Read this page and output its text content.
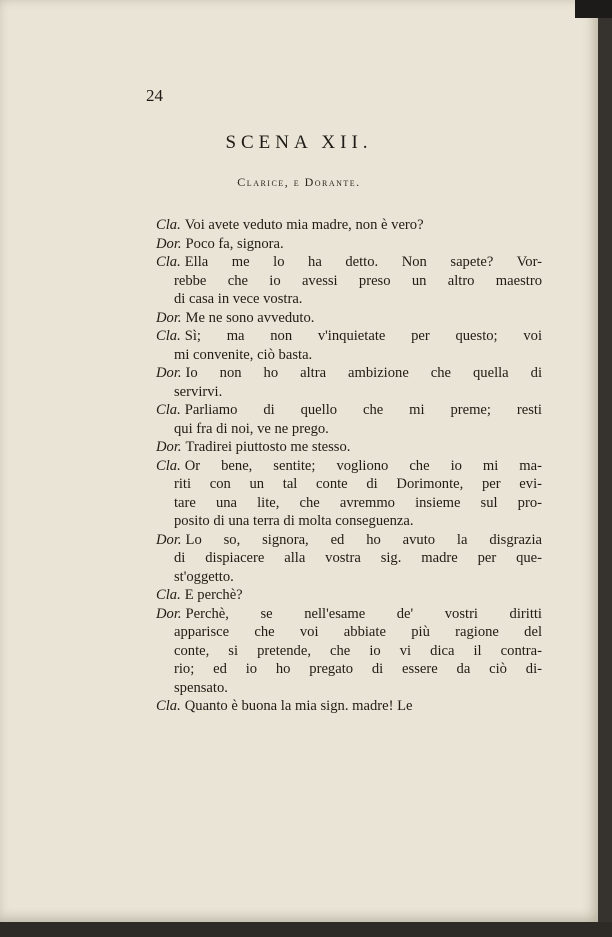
24
SCENA XII.
Clarice, e Dorante.
Cla. Voi avete veduto mia madre, non è vero?
Dor. Poco fa, signora.
Cla. Ella me lo ha detto. Non sapete? Vor-
rebbe che io avessi preso un altro maestro
di casa in vece vostra.
Dor. Me ne sono avveduto.
Cla. Sì; ma non v'inquietate per questo; voi
mi convenite, ciò basta.
Dor. Io non ho altra ambizione che quella di
servirvi.
Cla. Parliamo di quello che mi preme; resti
qui fra di noi, ve ne prego.
Dor. Tradirei piuttosto me stesso.
Cla. Or bene, sentite; vogliono che io mi ma-
riti con un tal conte di Dorimonte, per evi-
tare una lite, che avremmo insieme sul pro-
posito di una terra di molta conseguenza.
Dor. Lo so, signora, ed ho avuto la disgrazia
di dispiacere alla vostra sig. madre per que-
st'oggetto.
Cla. E perchè?
Dor. Perchè, se nell'esame de' vostri diritti
apparisce che voi abbiate più ragione del
conte, si pretende, che io vi dica il contra-
rio; ed io ho pregato di essere da ciò di-
spensato.
Cla. Quanto è buona la mia sign. madre! Le
